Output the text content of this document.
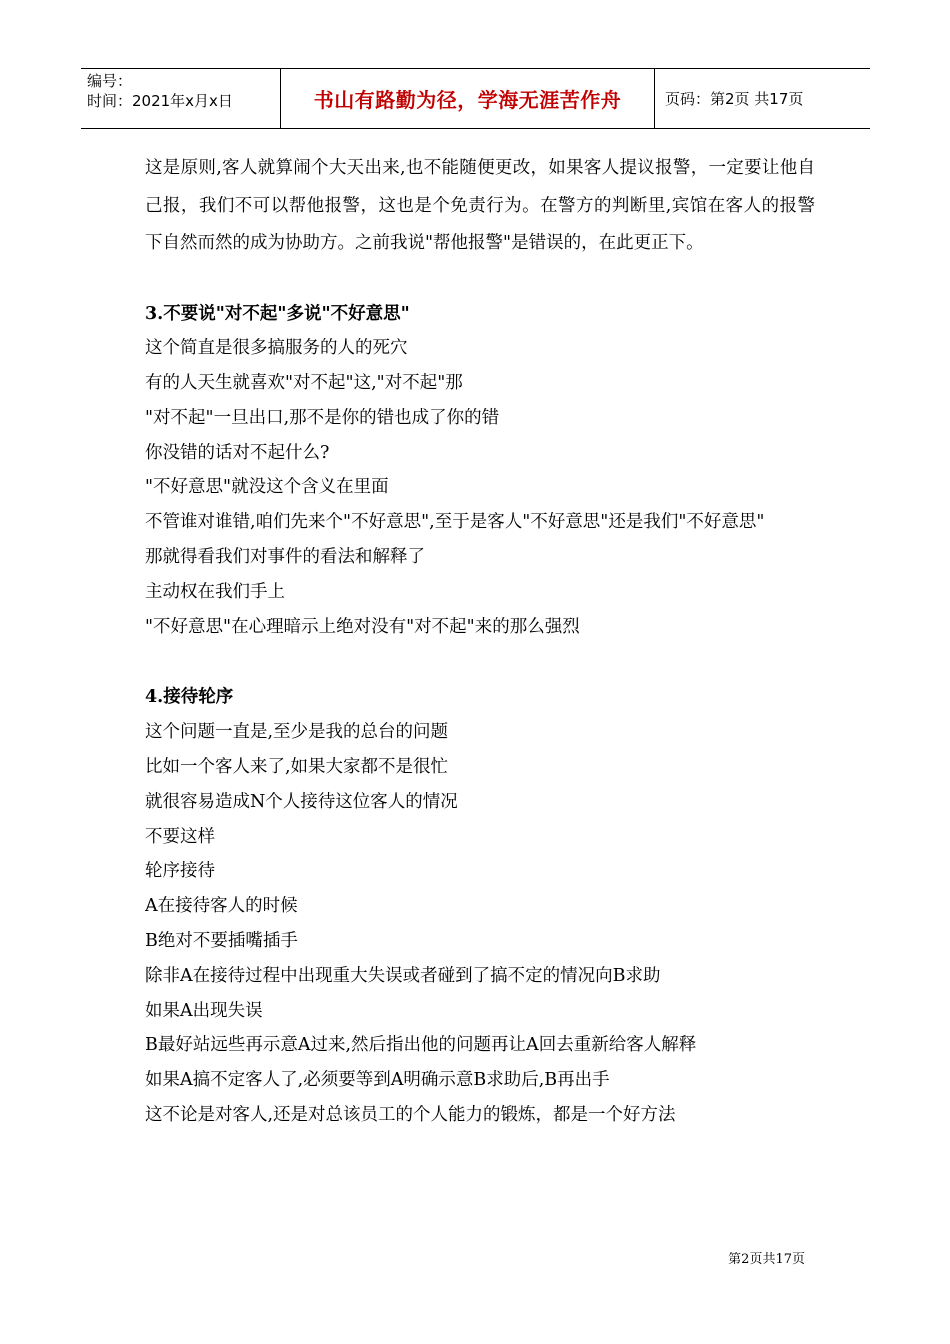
编号：
时间：2021年x月x日	书山有路勤为径，学海无涯苦作舟	页码：第2页 共17页

这是原则,客人就算闹个大天出来,也不能随便更改，如果客人提议报警，一定要让他自己报，我们不可以帮他报警，这也是个免责行为。在警方的判断里,宾馆在客人的报警下自然而然的成为协助方。之前我说"帮他报警"是错误的，在此更正下。

3.不要说"对不起"多说"不好意思"

这个简直是很多搞服务的人的死穴

有的人天生就喜欢"对不起"这,"对不起"那

"对不起"一旦出口,那不是你的错也成了你的错

你没错的话对不起什么?

"不好意思"就没这个含义在里面

不管谁对谁错,咱们先来个"不好意思",至于是客人"不好意思"还是我们"不好意思"

那就得看我们对事件的看法和解释了

主动权在我们手上

"不好意思"在心理暗示上绝对没有"对不起"来的那么强烈

4.接待轮序

这个问题一直是,至少是我的总台的问题

比如一个客人来了,如果大家都不是很忙

就很容易造成N个人接待这位客人的情况

不要这样

轮序接待

A在接待客人的时候

B绝对不要插嘴插手

除非A在接待过程中出现重大失误或者碰到了搞不定的情况向B求助

如果A出现失误

B最好站远些再示意A过来,然后指出他的问题再让A回去重新给客人解释

如果A搞不定客人了,必须要等到A明确示意B求助后,B再出手

这不论是对客人,还是对总该员工的个人能力的锻炼，都是一个好方法

第2页共17页
